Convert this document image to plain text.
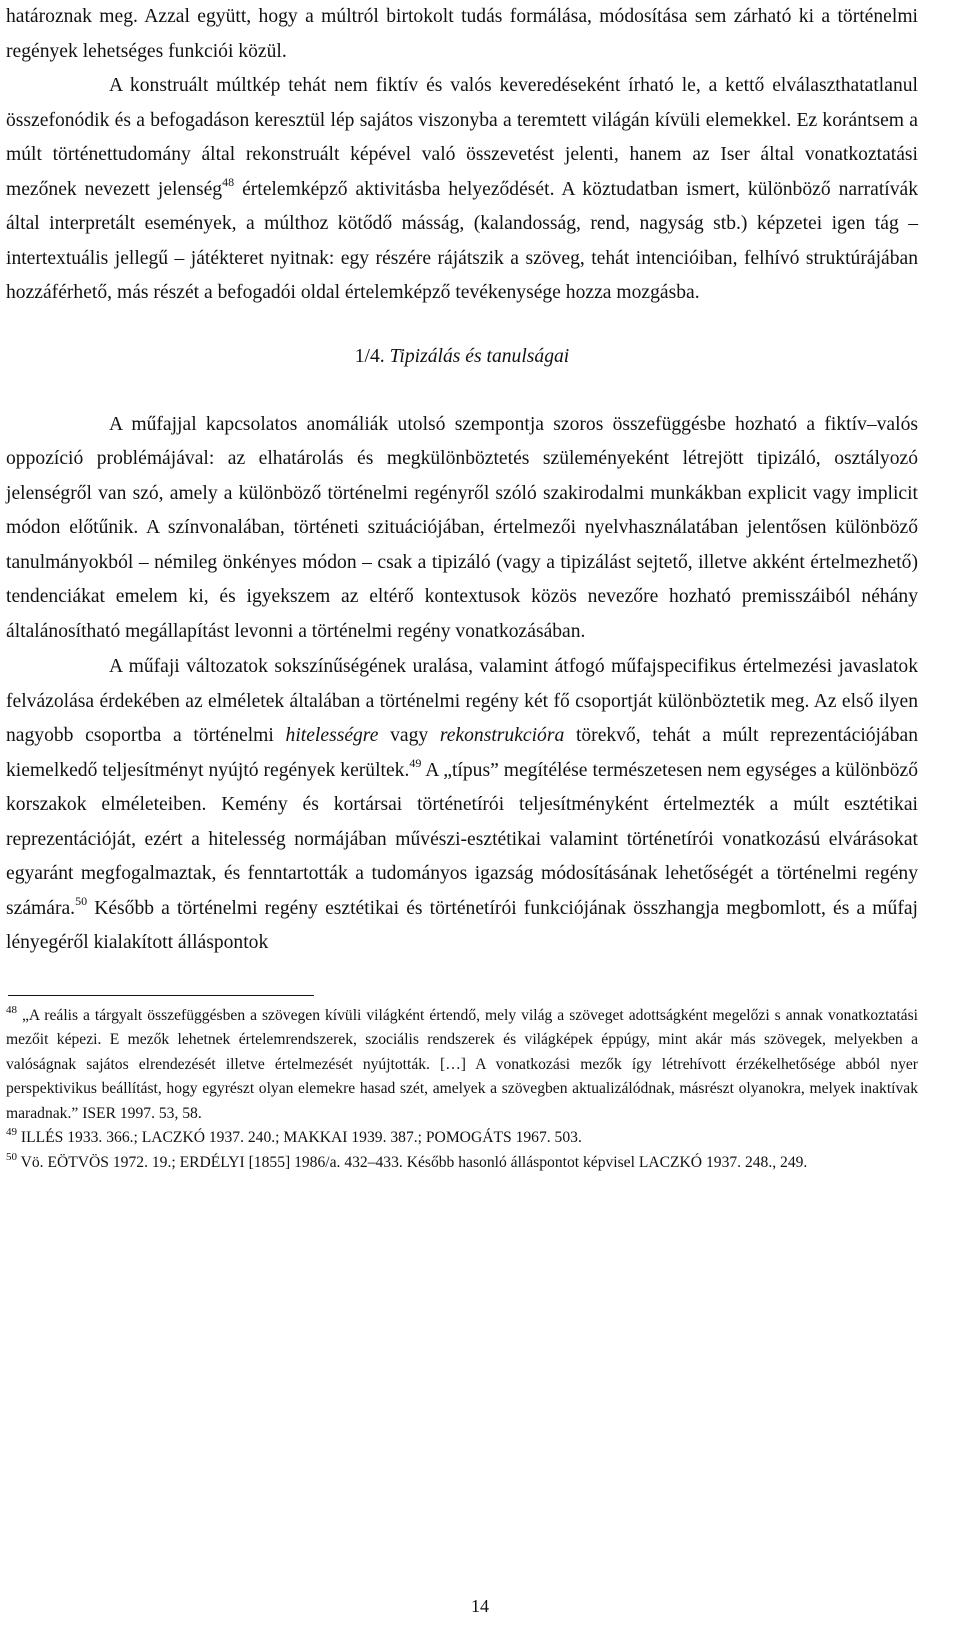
határoznak meg. Azzal együtt, hogy a múltról birtokolt tudás formálása, módosítása sem zárható ki a történelmi regények lehetséges funkciói közül.

A konstruált múltkép tehát nem fiktív és valós keveredéseként írható le, a kettő elválaszthatatlanul összefonódik és a befogadáson keresztül lép sajátos viszonyba a teremtett világán kívüli elemekkel. Ez korántsem a múlt történettudomány által rekonstruált képével való összevetést jelenti, hanem az Iser által vonatkoztatási mezőnek nevezett jelenség$^{48}$ értelemképző aktivitásba helyeződését. A köztudatban ismert, különböző narratívák által interpretált események, a múlthoz kötődő másság, (kalandosság, rend, nagyság stb.) képzetei igen tág – intertextuális jellegű – játékteret nyitnak: egy részére rájátszik a szöveg, tehát intencióiban, felhívó struktúrájában hozzáférhető, más részét a befogadói oldal értelemképző tevékenysége hozza mozgásba.

1/4. Tipizálás és tanulságai

A műfajjal kapcsolatos anomáliák utolsó szempontja szoros összefüggésbe hozható a fiktív–valós oppozíció problémájával: az elhatárolás és megkülönböztetés szüleményeként létrejött tipizáló, osztályozó jelenségről van szó, amely a különböző történelmi regényről szóló szakirodalmi munkákban explicit vagy implicit módon előtűnik. A színvonalában, történeti szituációjában, értelmezői nyelvhasználatában jelentősen különböző tanulmányokból – némileg önkényes módon – csak a tipizáló (vagy a tipizálást sejtető, illetve akként értelmezhető) tendenciákat emelem ki, és igyekszem az eltérő kontextusok közös nevezőre hozható premisszáiból néhány általánosítható megállapítást levonni a történelmi regény vonatkozásában.

A műfaji változatok sokszínűségének uralása, valamint átfogó műfajspecifikus értelmezési javaslatok felvázolása érdekében az elméletek általában a történelmi regény két fő csoportját különböztetik meg. Az első ilyen nagyobb csoportba a történelmi hitelességre vagy rekonstrukcióra törekvő, tehát a múlt reprezentációjában kiemelkedő teljesítményt nyújtó regények kerültek.$^{49}$ A „típus” megítélése természetesen nem egységes a különböző korszakok elméleteiben. Kemény és kortársai történetírói teljesítményként értelmezték a múlt esztétikai reprezentációját, ezért a hitelesség normájában művészi-esztétikai valamint történetírói vonatkozású elvárásokat egyaránt megfogalmaztak, és fenntartották a tudományos igazság módosításának lehetőségét a történelmi regény számára.$^{50}$ Később a történelmi regény esztétikai és történetírói funkciójának összhangja megbomlott, és a műfaj lényegéről kialakított álláspontok

$^{48}$ „A reális a tárgyalt összefüggésben a szövegen kívüli világként értendő, mely világ a szöveget adottságként megelőzi s annak vonatkoztatási mezőit képezi. E mezők lehetnek értelemrendszerek, szociális rendszerek és világképek éppúgy, mint akár más szövegek, melyekben a valóságnak sajátos elrendezését illetve értelmezését nyújtották. […] A vonatkozási mezők így létrehívott érzékelhetősége abból nyer perspektivikus beállítást, hogy egyrészt olyan elemekre hasad szét, amelyek a szövegben aktualizálódnak, másrészt olyanokra, melyek inaktívak maradnak.” ISER 1997. 53, 58.

$^{49}$ ILLÉS 1933. 366.; LACZKÓ 1937. 240.; MAKKAI 1939. 387.; POMOGÁTS 1967. 503.

$^{50}$ Vö. EÖTVÖS 1972. 19.; ERDÉLYI [1855] 1986/a. 432–433. Később hasonló álláspontot képvisel LACZKÓ 1937. 248., 249.

14
